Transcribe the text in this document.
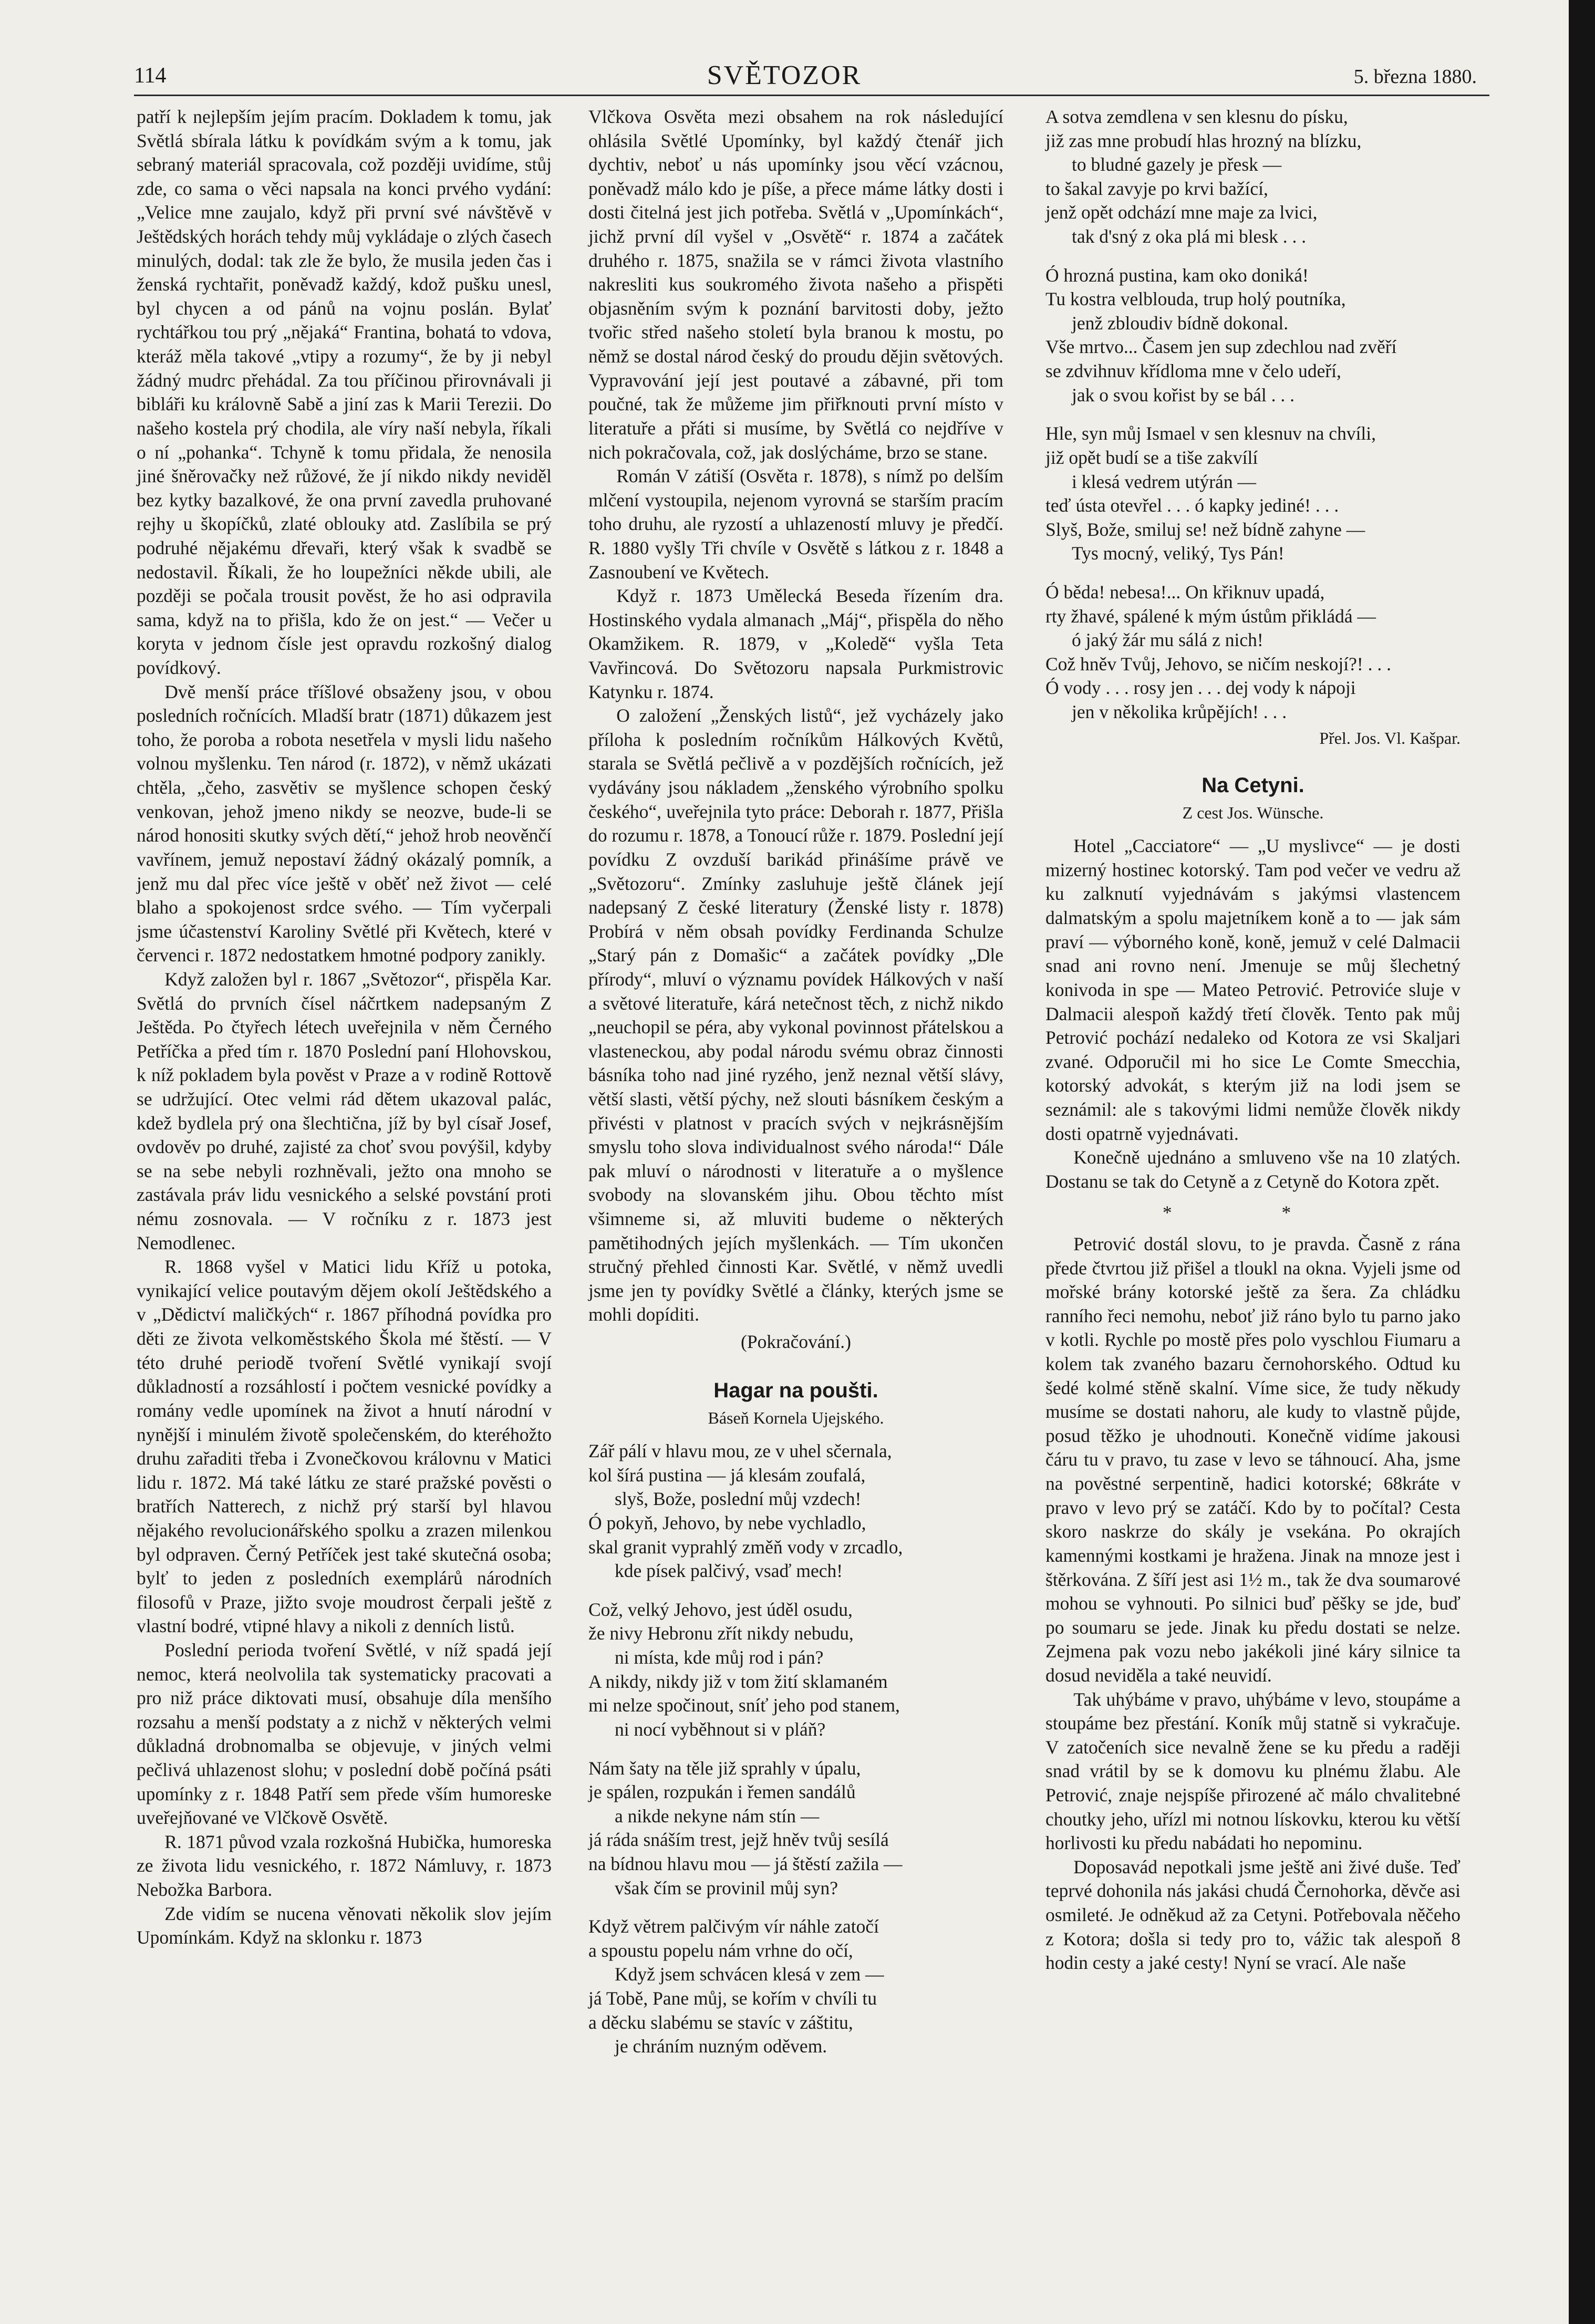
114	SVĚTOZOR	5. března 1880.

patří k nejlepším jejím pracím. Dokladem k tomu, jak Světlá sbírala látku k povídkám svým a k tomu, jak sebraný materiál spracovala, což později uvidíme, stůj zde, co sama o věci napsala na konci prvého vydání: „Velice mne zaujalo, když při první své návštěvě v Ještědských horách tehdy můj vykládaje o zlých časech minulých, dodal: tak zle že bylo, že musila jeden čas i ženská rychtařit, poněvadž každý, kdož pušku unesl, byl chycen a od pánů na vojnu poslán. Bylať rychtářkou tou prý „nějaká“ Frantina, bohatá to vdova, kteráž měla takové „vtipy a rozumy“, že by ji nebyl žádný mudrc přehádal. Za tou příčinou přirovnávali ji bibláři ku královně Sabě a jiní zas k Marii Terezii. Do našeho kostela prý chodila, ale víry naší nebyla, říkali o ní „pohanka“. Tchyně k tomu přidala, že nenosila jiné šněrovačky než růžové, že jí nikdo nikdy neviděl bez kytky bazalkové, že ona první zavedla pruhované rejhy u škopíčků, zlaté oblouky atd. Zaslíbila se prý podruhé nějakému dřevaři, který však k svadbě se nedostavil. Říkali, že ho loupežníci někde ubili, ale později se počala trousit pověst, že ho asi odpravila sama, když na to přišla, kdo že on jest.“ — Večer u koryta v jednom čísle jest opravdu rozkošný dialog povídkový.

Dvě menší práce tříšlové obsaženy jsou, v obou posledních ročnících. Mladší bratr (1871) důkazem jest toho, že poroba a robota nesetřela v mysli lidu našeho volnou myšlenku. Ten národ (r. 1872), v němž ukázati chtěla, „čeho, zasvětiv se myšlence schopen český venkovan, jehož jmeno nikdy se neozve, bude-li se národ honositi skutky svých dětí,“ jehož hrob neověnčí vavřínem, jemuž nepostaví žádný okázalý pomník, a jenž mu dal přec více ještě v oběť než život — celé blaho a spokojenost srdce svého. — Tím vyčerpali jsme účastenství Karoliny Světlé při Květech, které v červenci r. 1872 nedostatkem hmotné podpory zanikly.

Když založen byl r. 1867 „Světozor“, přispěla Kar. Světlá do prvních čísel náčrtkem nadepsaným Z Ještěda. Po čtyřech létech uveřejnila v něm Černého Petříčka a před tím r. 1870 Poslední paní Hlohovskou, k níž pokladem byla pověst v Praze a v rodině Rottově se udržující. Otec velmi rád dětem ukazoval palác, kdež bydlela prý ona šlechtična, jíž by byl císař Josef, ovdověv po druhé, zajisté za choť svou povýšil, kdyby se na sebe nebyli rozhněvali, ježto ona mnoho se zastávala práv lidu vesnického a selské povstání proti nému zosnovala. — V ročníku z r. 1873 jest Nemodlenec.

R. 1868 vyšel v Matici lidu Kříž u potoka, vynikající velice poutavým dějem okolí Ještědského a v „Dědictví maličkých“ r. 1867 příhodná povídka pro děti ze života velkoměstského Škola mé štěstí. — V této druhé periodě tvoření Světlé vynikají svojí důkladností a rozsáhlostí i počtem vesnické povídky a romány vedle upomínek na život a hnutí národní v nynější i minulém životě společenském, do kteréhožto druhu zařaditi třeba i Zvonečkovou královnu v Matici lidu r. 1872. Má také látku ze staré pražské pověsti o bratřích Natterech, z nichž prý starší byl hlavou nějakého revolucionářského spolku a zrazen milenkou byl odpraven. Černý Petříček jest také skutečná osoba; bylť to jeden z posledních exemplárů národních filosofů v Praze, jižto svoje moudrost čerpali ještě z vlastní bodré, vtipné hlavy a nikoli z denních listů.

Poslední perioda tvoření Světlé, v níž spadá její nemoc, která neolvolila tak systematicky pracovati a pro niž práce diktovati musí, obsahuje díla menšího rozsahu a menší podstaty a z nichž v některých velmi důkladná drobnomalba se objevuje, v jiných velmi pečlivá uhlazenost slohu; v poslední době počíná psáti upomínky z r. 1848 Patří sem přede vším humoreske uveřejňované ve Vlčkově Osvětě.

R. 1871 původ vzala rozkošná Hubička, humoreska ze života lidu vesnického, r. 1872 Námluvy, r. 1873 Nebožka Barbora.

Zde vidím se nucena věnovati několik slov jejím Upomínkám. Když na sklonku r. 1873

Vlčkova Osvěta mezi obsahem na rok následující ohlásila Světlé Upomínky, byl každý čtenář jich dychtiv, neboť u nás upomínky jsou věcí vzácnou, poněvadž málo kdo je píše, a přece máme látky dosti i dosti čitelná jest jich potřeba. Světlá v „Upomínkách“, jichž první díl vyšel v „Osvětě“ r. 1874 a začátek druhého r. 1875, snažila se v rámci života vlastního nakresliti kus soukromého života našeho a přispěti objasněním svým k poznání barvitosti doby, ježto tvořic střed našeho století byla branou k mostu, po němž se dostal národ český do proudu dějin světových. Vypravování její jest poutavé a zábavné, při tom poučné, tak že můžeme jim přiřknouti první místo v literatuře a přáti si musíme, by Světlá co nejdříve v nich pokračovala, což, jak doslýcháme, brzo se stane.

Román V zátiší (Osvěta r. 1878), s nímž po delším mlčení vystoupila, nejenom vyrovná se starším pracím toho druhu, ale ryzostí a uhlazeností mluvy je předčí. R. 1880 vyšly Tři chvíle v Osvětě s látkou z r. 1848 a Zasnoubení ve Květech.

Když r. 1873 Umělecká Beseda řízením dra. Hostinského vydala almanach „Máj“, přispěla do něho Okamžikem. R. 1879, v „Koledě“ vyšla Teta Vavřincová. Do Světozoru napsala Purkmistrovic Katynku r. 1874.

O založení „Ženských listů“, jež vycházely jako příloha k posledním ročníkům Hálkových Květů, starala se Světlá pečlivě a v pozdějších ročnících, jež vydávány jsou nákladem „ženského výrobního spolku českého“, uveřejnila tyto práce: Deborah r. 1877, Přišla do rozumu r. 1878, a Tonoucí růže r. 1879. Poslední její povídku Z ovzduší barikád přinášíme právě ve „Světozoru“. Zmínky zasluhuje ještě článek její nadepsaný Z české literatury (Ženské listy r. 1878) Probírá v něm obsah povídky Ferdinanda Schulze „Starý pán z Domašic“ a začátek povídky „Dle přírody“, mluví o významu povídek Hálkových v naší a světové literatuře, kárá netečnost těch, z nichž nikdo „neuchopil se péra, aby vykonal povinnost přátelskou a vlasteneckou, aby podal národu svému obraz činnosti básníka toho nad jiné ryzého, jenž neznal větší slávy, větší slasti, větší pýchy, než slouti básníkem českým a přivésti v platnost v pracích svých v nejkrásnějším smyslu toho slova individualnost svého národa!“ Dále pak mluví o národnosti v literatuře a o myšlence svobody na slovanském jihu. Obou těchto míst všimneme si, až mluviti budeme o některých pamětihodných jejích myšlenkách. — Tím ukončen stručný přehled činnosti Kar. Světlé, v němž uvedli jsme jen ty povídky Světlé a články, kterých jsme se mohli dopíditi.

(Pokračování.)
Hagar na poušti.
Báseň Kornela Ujejského.
Zář pálí v hlavu mou, ze v uhel sčernala,
kol šírá pustina — já klesám zoufalá,
slyš, Bože, poslední můj vzdech!
Ó pokyň, Jehovo, by nebe vychladlo,
skal granit vyprahlý změň vody v zrcadlo,
kde písek palčivý, vsaď mech!
Což, velký Jehovo, jest úděl osudu,
že nivy Hebronu zřít nikdy nebudu,
ni místa, kde můj rod i pán?
A nikdy, nikdy již v tom žití sklamaném
mi nelze spočinout, sníť jeho pod stanem,
ni nocí vyběhnout si v pláň?
Nám šaty na těle již sprahly v úpalu,
je spálen, rozpukán i řemen sandálů
a nikde nekyne nám stín —
já ráda snáším trest, jejž hněv tvůj sesílá
na bídnou hlavu mou — já štěstí zažila —
však čím se provinil můj syn?
Když větrem palčivým vír náhle zatočí
a spoustu popelu nám vrhne do očí,
Když jsem schvácen klesá v zem —
já Tobě, Pane můj, se kořím v chvíli tu
a děcku slabému se stavíc v záštitu,
je chráním nuzným oděvem.
A sotva zemdlena v sen klesnu do písku,
již zas mne probudí hlas hrozný na blízku,
to bludné gazely je přesk —
to šakal zavyje po krvi bažící,
jenž opět odchází mne maje za lvici,
tak d'sný z oka plá mi blesk . . .
Ó hrozná pustina, kam oko doniká!
Tu kostra velblouda, trup holý poutníka,
jenž zbloudiv bídně dokonal.
Vše mrtvo... Časem jen sup zdechlou nad zvěří
se zdvihnuv křídloma mne v čelo udeří,
jak o svou kořist by se bál . . .
Hle, syn můj Ismael v sen klesnuv na chvíli,
již opět budí se a tiše zakvílí
i klesá vedrem utýrán —
teď ústa otevřel . . . ó kapky jediné! . . .
Slyš, Bože, smiluj se! než bídně zahyne —
Tys mocný, veliký, Tys Pán!
Ó běda! nebesa!... On křiknuv upadá,
rty žhavé, spálené k mým ústům přikládá —
ó jaký žár mu sálá z nich!
Což hněv Tvůj, Jehovo, se ničím neskojí?! . . .
Ó vody . . . rosy jen . . . dej vody k nápoji
jen v několika krůpějích! . . .
Přel. Jos. Vl. Kašpar.
Na Cetyni.
Z cest Jos. Wünsche.

Hotel „Cacciatore“ — „U myslivce“ — je dosti mizerný hostinec kotorský. Tam pod večer ve vedru až ku zalknutí vyjednávám s jakýmsi vlastencem dalmatským a spolu majetníkem koně a to — jak sám praví — výborného koně, koně, jemuž v celé Dalmacii snad ani rovno není. Jmenuje se můj šlechetný konivoda in spe — Mateo Petrović. Petroviće sluje v Dalmacii alespoň každý třetí člověk. Tento pak můj Petrović pochází nedaleko od Kotora ze vsi Skaljari zvané. Odporučil mi ho sice Le Comte Smecchia, kotorský advokát, s kterým již na lodi jsem se seznámil: ale s takovými lidmi nemůže člověk nikdy dosti opatrně vyjednávati.

Konečně ujednáno a smluveno vše na 10 zlatých. Dostanu se tak do Cetyně a z Cetyně do Kotora zpět.

* *

Petrović dostál slovu, to je pravda. Časně z rána přede čtvrtou již přišel a tloukl na okna. Vyjeli jsme od mořské brány kotorské ještě za šera. Za chládku ranního řeci nemohu, neboť již ráno bylo tu parno jako v kotli. Rychle po mostě přes polo vyschlou Fiumaru a kolem tak zvaného bazaru černohorského. Odtud ku šedé kolmé stěně skalní. Víme sice, že tudy někudy musíme se dostati nahoru, ale kudy to vlastně půjde, posud těžko je uhodnouti. Konečně vidíme jakousi čáru tu v pravo, tu zase v levo se táhnoucí. Aha, jsme na pověstné serpentině, hadici kotorské; 68kráte v pravo v levo prý se zatáčí. Kdo by to počítal? Cesta skoro naskrze do skály je vsekána. Po okrajích kamennými kostkami je hražena. Jinak na mnoze jest i štěrkována. Z šíří jest asi 1½ m., tak že dva soumarové mohou se vyhnouti. Po silnici buď pěšky se jde, buď po soumaru se jede. Jinak ku předu dostati se nelze. Zejmena pak vozu nebo jakékoli jiné káry silnice ta dosud neviděla a také neuvidí.

Tak uhýbáme v pravo, uhýbáme v levo, stoupáme a stoupáme bez přestání. Koník můj statně si vykračuje. V zatočeních sice nevalně žene se ku předu a raději snad vrátil by se k domovu ku plnému žlabu. Ale Petrović, znaje nejspíše přirozené ač málo chvalitebné choutky jeho, uřízl mi notnou lískovku, kterou ku větší horlivosti ku předu nabádati ho nepominu.

Doposavád nepotkali jsme ještě ani živé duše. Teď teprvé dohonila nás jakási chudá Černohorka, děvče asi osmileté. Je odněkud až za Cetyni. Potřebovala něčeho z Kotora; došla si tedy pro to, vážic tak alespoň 8 hodin cesty a jaké cesty! Nyní se vrací. Ale naše
